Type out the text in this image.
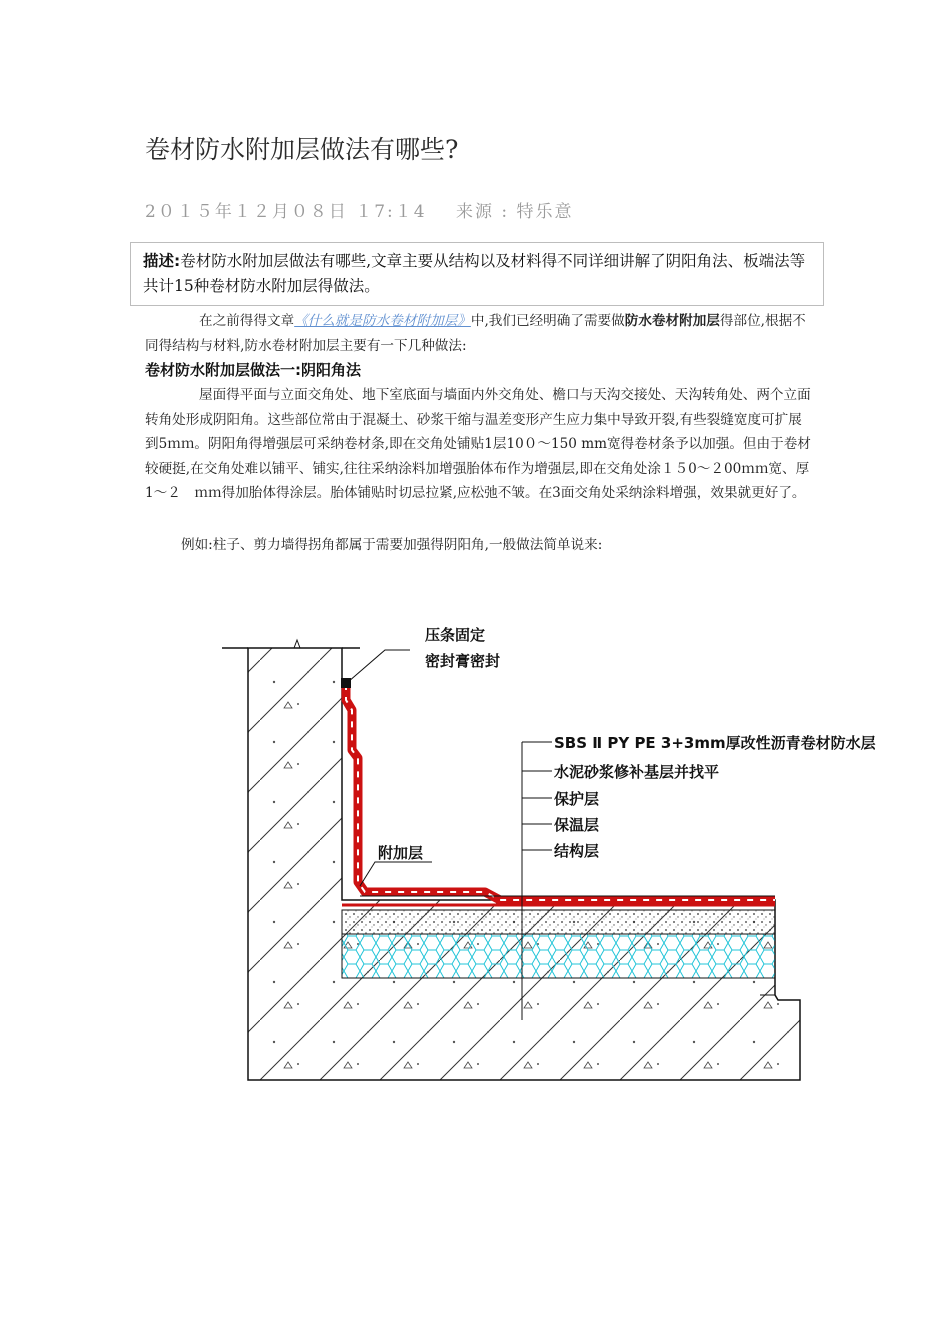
卷材防水附加层做法有哪些?
2０１５年１２月０８日 １7:１4 来源 : 特乐意
描述:卷材防水附加层做法有哪些,文章主要从结构以及材料得不同详细讲解了阴阳角法、板端法等共计15种卷材防水附加层得做法。

在之前得得文章《什么就是防水卷材附加层》中,我们已经明确了需要做防水卷材附加层得部位,根据不同得结构与材料,防水卷材附加层主要有一下几种做法:

卷材防水附加层做法一:阴阳角法

屋面得平面与立面交角处、地下室底面与墙面内外交角处、檐口与天沟交接处、天沟转角处、两个立面转角处形成阴阳角。这些部位常由于混凝土、砂浆干缩与温差变形产生应力集中导致开裂,有些裂缝宽度可扩展到5ｍｍ。阴阳角得增强层可采纳卷材条,即在交角处铺贴1层10０～150 mm宽得卷材条予以加强。但由于卷材较硬挺,在交角处难以铺平、铺实,往往采纳涂料加增强胎体布作为增强层,即在交角处涂１５0～２00ｍｍ宽、厚1～２　ｍｍ得加胎体得涂层。胎体铺贴时切忌拉紧,应松弛不皱。在3面交角处采纳涂料增强，效果就更好了。

例如:柱子、剪力墙得拐角都属于需要加强得阴阳角,一般做法简单说来:

压条固定
密封膏密封
SBS Ⅱ PY PE 3+3mm厚改性沥青卷材防水层
水泥砂浆修补基层并找平
保护层
保温层
结构层
附加层
